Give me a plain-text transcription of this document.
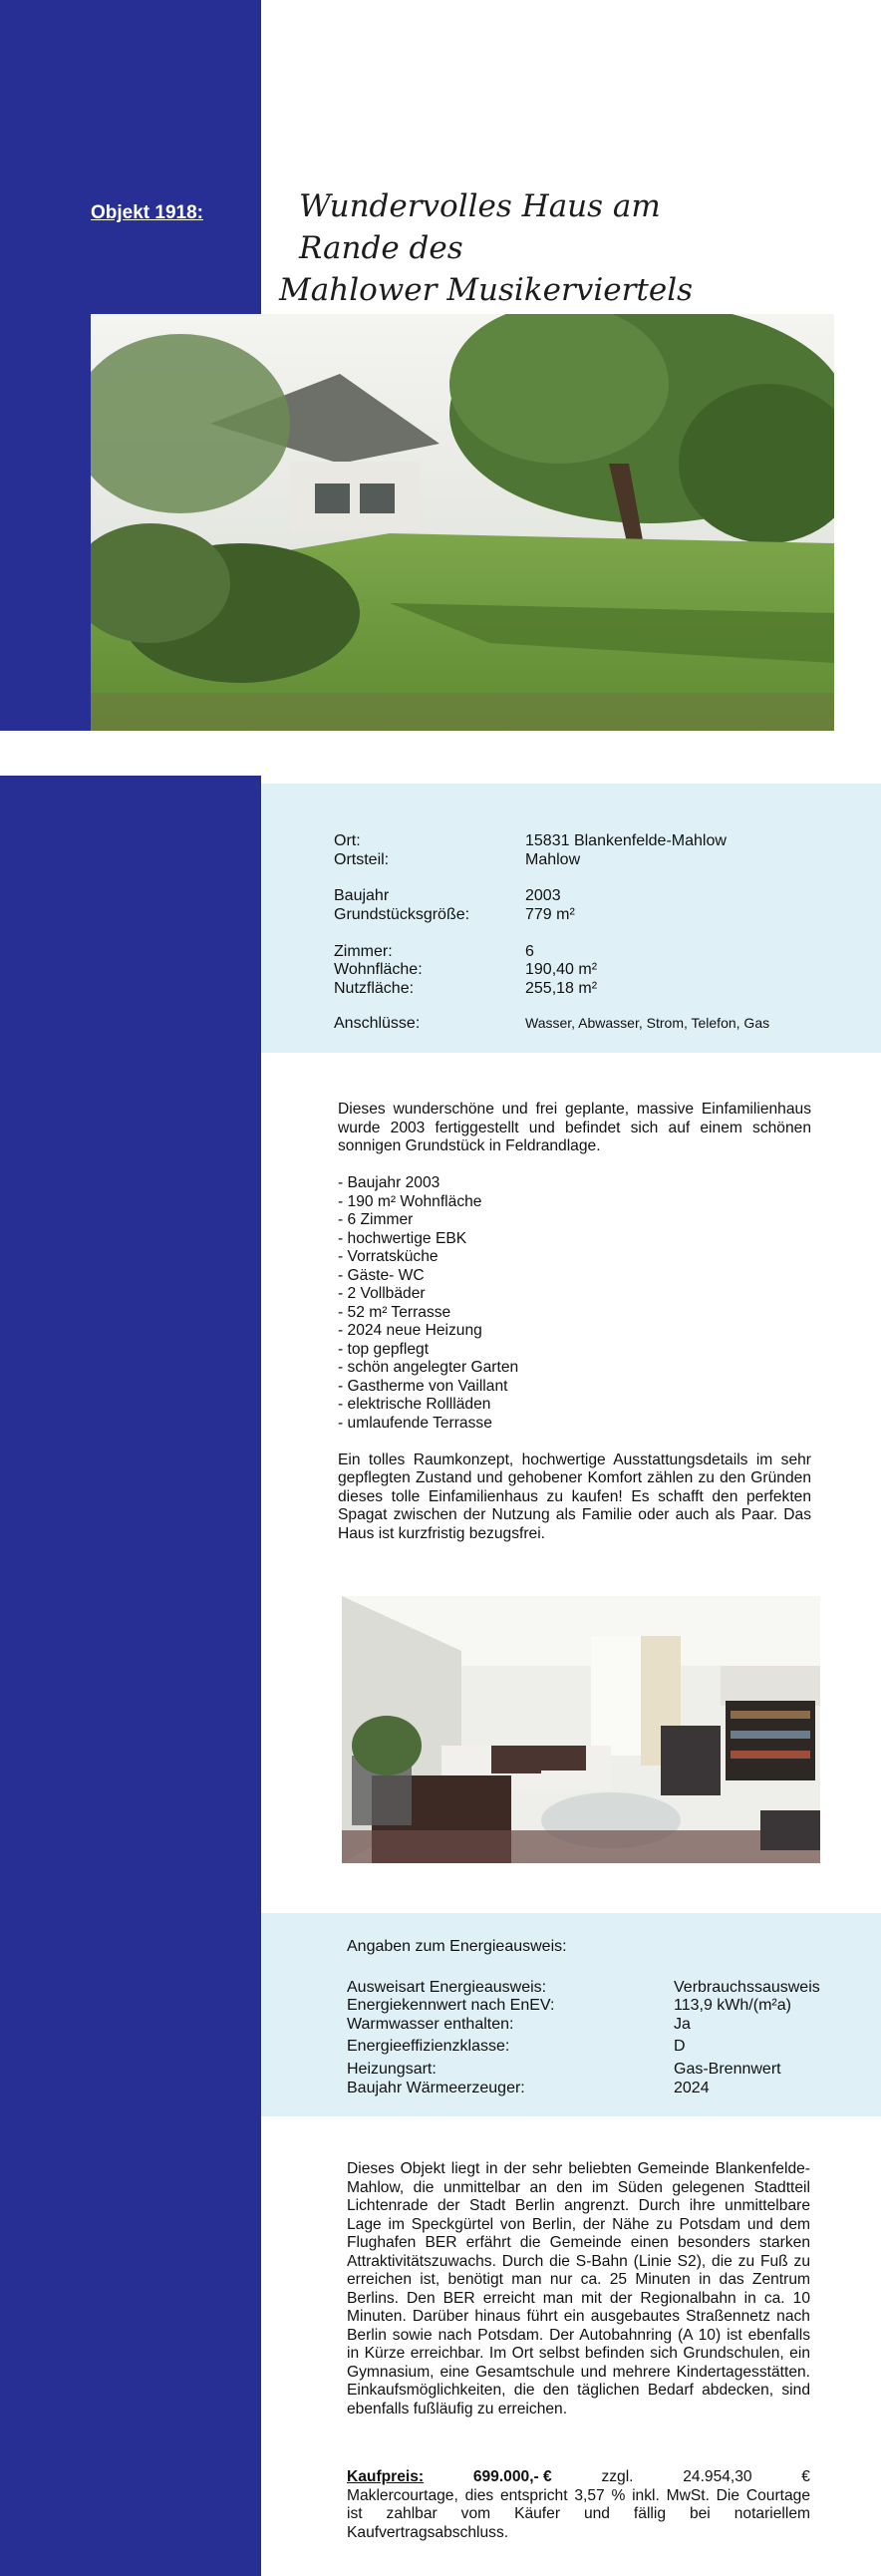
Objekt 1918:	Wundervolles Haus am Rande des
Mahlower Musikerviertels
Ort:	15831 Blankenfelde-Mahlow
Ortsteil:	Mahlow
Baujahr	2003
Grundstücksgröße:	779 m²
Zimmer:	6
Wohnfläche:	190,40 m²
Nutzfläche:	255,18 m²
Anschlüsse:	Wasser, Abwasser, Strom, Telefon, Gas

Dieses wunderschöne und frei geplante, massive Einfamilienhaus wurde 2003 fertiggestellt und befindet sich auf einem schönen sonnigen Grundstück in Feldrandlage.

- Baujahr 2003
- 190 m² Wohnfläche
- 6 Zimmer
- hochwertige EBK
- Vorratsküche
- Gäste- WC
- 2 Vollbäder
- 52 m² Terrasse
- 2024 neue Heizung
- top gepflegt
- schön angelegter Garten
- Gastherme von Vaillant
- elektrische Rollläden
- umlaufende Terrasse

Ein tolles Raumkonzept, hochwertige Ausstattungsdetails im sehr gepflegten Zustand und gehobener Komfort zählen zu den Gründen dieses tolle Einfamilienhaus zu kaufen! Es schafft den perfekten Spagat zwischen der Nutzung als Familie oder auch als Paar. Das Haus ist kurzfristig bezugsfrei.

Angaben zum Energieausweis:
Ausweisart Energieausweis:	Verbrauchssausweis
Energiekennwert nach EnEV:	113,9 kWh/(m²a)
Warmwasser enthalten:	Ja
Energieeffizienzklasse:	D
Heizungsart:	Gas-Brennwert
Baujahr Wärmeerzeuger:	2024

Dieses Objekt liegt in der sehr beliebten Gemeinde Blankenfelde-Mahlow, die unmittelbar an den im Süden gelegenen Stadtteil Lichtenrade der Stadt Berlin angrenzt. Durch ihre unmittelbare Lage im Speckgürtel von Berlin, der Nähe zu Potsdam und dem Flughafen BER erfährt die Gemeinde einen besonders starken Attraktivitätszuwachs. Durch die S-Bahn (Linie S2), die zu Fuß zu erreichen ist, benötigt man nur ca. 25 Minuten in das Zentrum Berlins. Den BER erreicht man mit der Regionalbahn in ca. 10 Minuten. Darüber hinaus führt ein ausgebautes Straßennetz nach Berlin sowie nach Potsdam. Der Autobahnring (A 10) ist ebenfalls in Kürze erreichbar. Im Ort selbst befinden sich Grundschulen, ein Gymnasium, eine Gesamtschule und mehrere Kindertagesstätten. Einkaufsmöglichkeiten, die den täglichen Bedarf abdecken, sind ebenfalls fußläufig zu erreichen.

Kaufpreis:	699.000,- €	zzgl.	24.954,30	€
Maklercourtage, dies entspricht 3,57 % inkl. MwSt. Die Courtage ist zahlbar vom Käufer und fällig bei notariellem Kaufvertragsabschluss.
